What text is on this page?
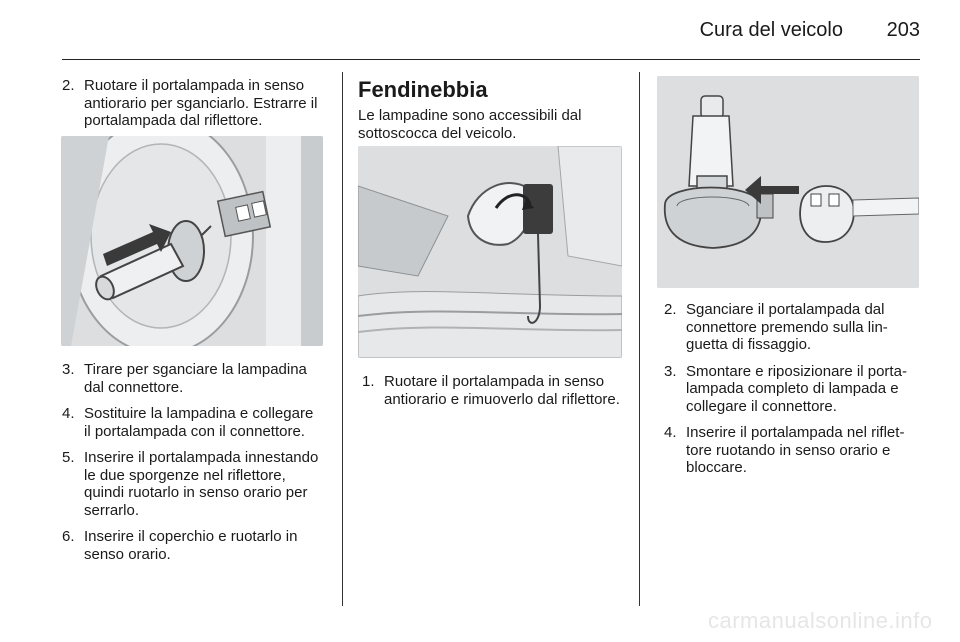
Cura del veicolo 203
2. Ruotare il portalampada in senso antiorario per sganciarlo. Estrarre il portalampada dal riflettore.
3. Tirare per sganciare la lampadina dal connettore.
4. Sostituire la lampadina e collegare il portalampada con il connettore.
5. Inserire il portalampada innestando le due sporgenze nel riflettore, quindi ruotarlo in senso orario per serrarlo.
6. Inserire il coperchio e ruotarlo in senso orario.
Fendinebbia

Le lampadine sono accessibili dal sottoscocca del veicolo.

1. Ruotare il portalampada in senso antiorario e rimuoverlo dal riflettore.
2. Sganciare il portalampada dal connettore premendo sulla linguetta di fissaggio.
3. Smontare e riposizionare il portalampada completo di lampada e collegare il connettore.
4. Inserire il portalampada nel riflettore ruotando in senso orario e bloccare.
carmanualsonline.info
